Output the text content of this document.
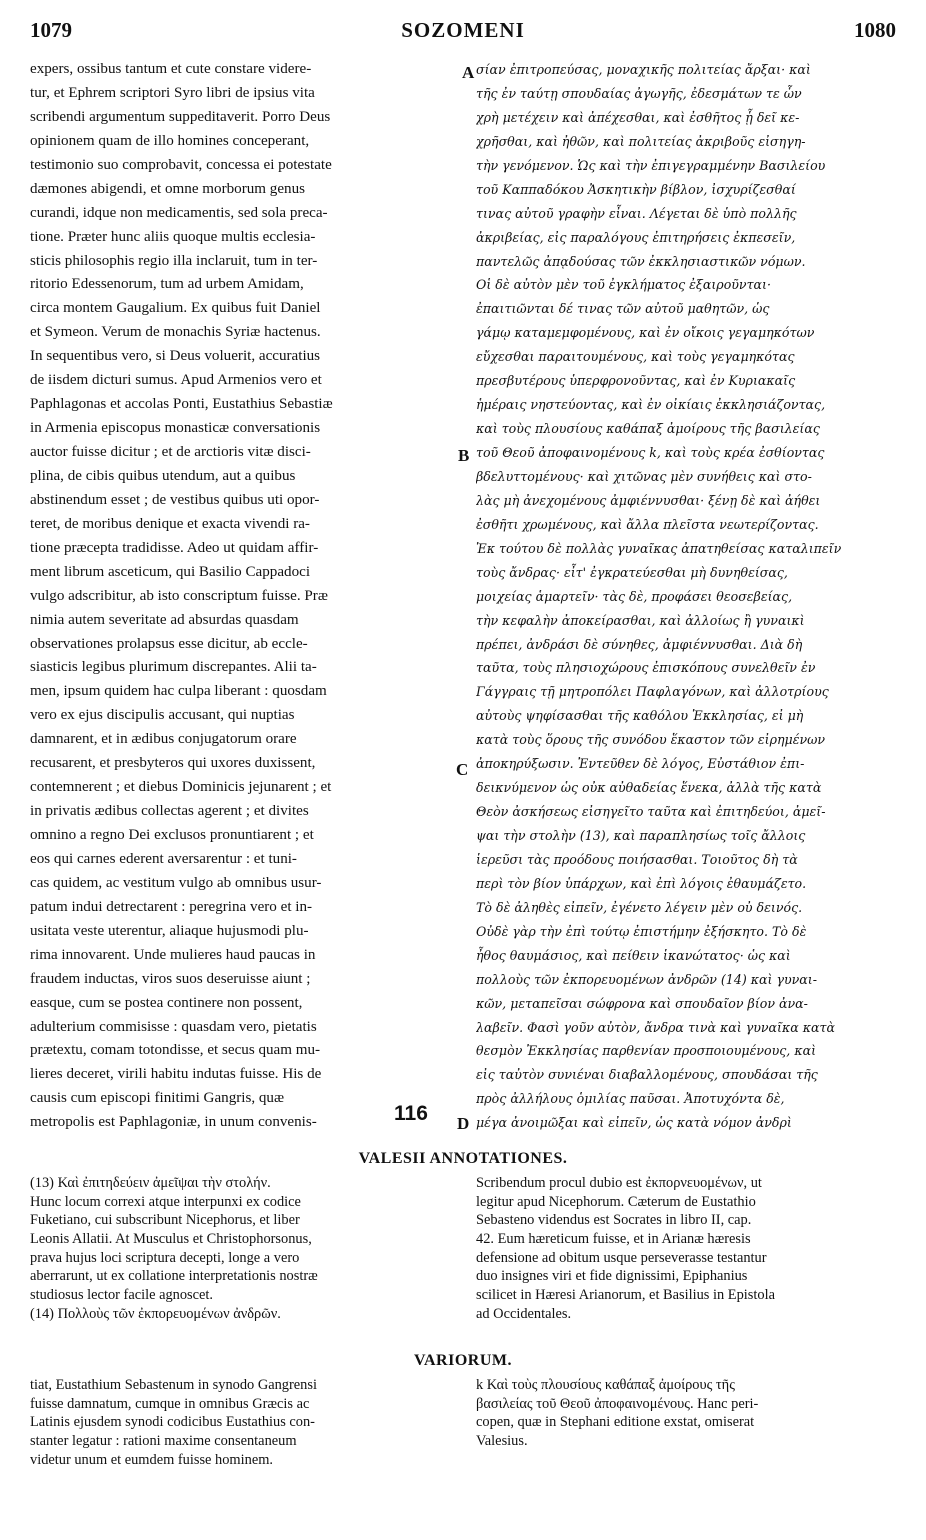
1079	SOZOMENI	1080
expers, ossibus tantum et cute constare videre-
tur, et Ephrem scriptori Syro libri de ipsius vita
scribendi argumentum suppeditaverit. Porro Deus
opinionem quam de illo homines conceperant,
testimonio suo comprobavit, concessa ei potestate
dæmones abigendi, et omne morborum genus
curandi, idque non medicamentis, sed sola preca-
tione. Præter hunc aliis quoque multis ecclesia-
sticis philosophis regio illa inclaruit, tum in ter-
ritorio Edessenorum, tum ad urbem Amidam,
circa montem Gaugalium. Ex quibus fuit Daniel
et Symeon. Verum de monachis Syriæ hactenus.
In sequentibus vero, si Deus voluerit, accuratius
de iisdem dicturi sumus. Apud Armenios vero et
Paphlagonas et accolas Ponti, Eustathius Sebastiæ
in Armenia episcopus monasticæ conversationis
auctor fuisse dicitur ; et de arctioris vitæ disci-
plina, de cibis quibus utendum, aut a quibus
abstinendum esset ; de vestibus quibus uti opor-
teret, de moribus denique et exacta vivendi ra-
tione præcepta tradidisse. Adeo ut quidam affir-
ment librum asceticum, qui Basilio Cappadoci
vulgo adscribitur, ab isto conscriptum fuisse. Præ
nimia autem severitate ad absurdas quasdam
observationes prolapsus esse dicitur, ab eccle-
siasticis legibus plurimum discrepantes. Alii ta-
men, ipsum quidem hac culpa liberant : quosdam
vero ex ejus discipulis accusant, qui nuptias
damnarent, et in ædibus conjugatorum orare
recusarent, et presbyteros qui uxores duxissent,
contemnerent ; et diebus Dominicis jejunarent ; et
in privatis ædibus collectas agerent ; et divites
omnino a regno Dei exclusos pronuntiarent ; et
eos qui carnes ederent aversarentur : et tuni-
cas quidem, ac vestitum vulgo ab omnibus usur-
patum indui detrectarent : peregrina vero et in-
usitata veste uterentur, aliaque hujusmodi plu-
rima innovarent. Unde mulieres haud paucas in
fraudem inductas, viros suos deseruisse aiunt ;
easque, cum se postea continere non possent,
adulterium commisisse : quasdam vero, pietatis
prætextu, comam totondisse, et secus quam mu-
lieres deceret, virili habitu indutas fuisse. His de
causis cum episcopi finitimi Gangris, quæ
metropolis est Paphlagoniæ, in unum convenis-
σίαν ἐπιτροπεύσας, μοναχικῆς πολιτείας ἄρξαι· καὶ
τῆς ἐν ταύτῃ σπουδαίας ἀγωγῆς, ἐδεσμάτων τε ὧν
χρὴ μετέχειν καὶ ἀπέχεσθαι, καὶ ἐσθῆτος ᾗ δεῖ κε-
χρῆσθαι, καὶ ἠθῶν, καὶ πολιτείας ἀκριβοῦς εἰσηγη-
τὴν γενόμενον. Ὡς καὶ τὴν ἐπιγεγραμμένην Βασιλείου
τοῦ Καππαδόκου Ἀσκητικὴν βίβλον, ἰσχυρίζεσθαί
τινας αὐτοῦ γραφὴν εἶναι. Λέγεται δὲ ὑπὸ πολλῆς
ἀκριβείας, εἰς παραλόγους ἐπιτηρήσεις ἐκπεσεῖν,
παντελῶς ἀπᾳδούσας τῶν ἐκκλησιαστικῶν νόμων.
Οἱ δὲ αὐτὸν μὲν τοῦ ἐγκλήματος ἐξαιροῦνται·
ἐπαιτιῶνται δέ τινας τῶν αὐτοῦ μαθητῶν, ὡς
γάμῳ καταμεμφομένους, καὶ ἐν οἴκοις γεγαμηκότων
εὔχεσθαι παραιτουμένους, καὶ τοὺς γεγαμηκότας
πρεσβυτέρους ὑπερφρονοῦντας, καὶ ἐν Κυριακαῖς
ἡμέραις νηστεύοντας, καὶ ἐν οἰκίαις ἐκκλησιάζοντας,
καὶ τοὺς πλουσίους καθάπαξ ἀμοίρους τῆς βασιλείας
τοῦ Θεοῦ ἀποφαινομένους k, καὶ τοὺς κρέα ἐσθίοντας
βδελυττομένους· καὶ χιτῶνας μὲν συνήθεις καὶ στο-
λὰς μὴ ἀνεχομένους ἀμφιέννυσθαι· ξένῃ δὲ καὶ ἀήθει
ἐσθῆτι χρωμένους, καὶ ἄλλα πλεῖστα νεωτερίζοντας.
Ἐκ τούτου δὲ πολλὰς γυναῖκας ἀπατηθείσας καταλιπεῖν
τοὺς ἄνδρας· εἶτ' ἐγκρατεύεσθαι μὴ δυνηθείσας,
μοιχείας ἁμαρτεῖν· τὰς δὲ, προφάσει θεοσεβείας,
τὴν κεφαλὴν ἀποκείρασθαι, καὶ ἀλλοίως ἢ γυναικὶ
πρέπει, ἀνδράσι δὲ σύνηθες, ἀμφιέννυσθαι. Διὰ δὴ
ταῦτα, τοὺς πλησιοχώρους ἐπισκόπους συνελθεῖν ἐν
Γάγγραις τῇ μητροπόλει Παφλαγόνων, καὶ ἀλλοτρίους
αὐτοὺς ψηφίσασθαι τῆς καθόλου Ἐκκλησίας, εἰ μὴ
κατὰ τοὺς ὅρους τῆς συνόδου ἕκαστον τῶν εἰρημένων
ἀποκηρύξωσιν. Ἐντεῦθεν δὲ λόγος, Εὐστάθιον ἐπι-
δεικνύμενον ὡς οὐκ αὐθαδείας ἕνεκα, ἀλλὰ τῆς κατὰ
Θεὸν ἀσκήσεως εἰσηγεῖτο ταῦτα καὶ ἐπιτηδεύοι, ἀμεῖ-
ψαι τὴν στολὴν (13), καὶ παραπλησίως τοῖς ἄλλοις
ἱερεῦσι τὰς προόδους ποιήσασθαι. Τοιοῦτος δὴ τὰ
περὶ τὸν βίον ὑπάρχων, καὶ ἐπὶ λόγοις ἐθαυμάζετο.
Τὸ δὲ ἀληθὲς εἰπεῖν, ἐγένετο λέγειν μὲν οὐ δεινός.
Οὐδὲ γὰρ τὴν ἐπὶ τούτῳ ἐπιστήμην ἐξήσκητο. Τὸ δὲ
ἦθος θαυμάσιος, καὶ πείθειν ἱκανώτατος· ὡς καὶ
πολλοὺς τῶν ἐκπορευομένων ἀνδρῶν (14) καὶ γυναι-
κῶν, μεταπεῖσαι σώφρονα καὶ σπουδαῖον βίον ἀνα-
λαβεῖν. Φασὶ γοῦν αὐτὸν, ἄνδρα τινὰ καὶ γυναῖκα κατὰ
θεσμὸν Ἐκκλησίας παρθενίαν προσποιουμένους, καὶ
εἰς ταὐτὸν συνιέναι διαβαλλομένους, σπουδάσαι τῆς
πρὸς ἀλλήλους ὁμιλίας παῦσαι. Ἀποτυχόντα δὲ,
μέγα ἀνοιμῶξαι καὶ εἰπεῖν, ὡς κατὰ νόμον ἀνδρὶ
A
B
C
D
116
VALESII ANNOTATIONES.
(13) Καὶ ἐπιτηδεύειν ἀμεῖψαι τὴν στολήν.
Hunc locum correxi atque interpunxi ex codice
Fuketiano, cui subscribunt Nicephorus, et liber
Leonis Allatii. At Musculus et Christophorsonus,
prava hujus loci scriptura decepti, longe a vero
aberrarunt, ut ex collatione interpretationis nostræ
studiosus lector facile agnoscet.
(14) Πολλοὺς τῶν ἐκπορευομένων ἀνδρῶν.
Scribendum procul dubio est ἐκπορνευομένων, ut
legitur apud Nicephorum. Cæterum de Eustathio
Sebasteno videndus est Socrates in libro II, cap.
42. Eum hæreticum fuisse, et in Arianæ hæresis
defensione ad obitum usque perseverasse testantur
duo insignes viri et fide dignissimi, Epiphanius
scilicet in Hæresi Arianorum, et Basilius in Epistola
ad Occidentales.
VARIORUM.
tiat, Eustathium Sebastenum in synodo Gangrensi
fuisse damnatum, cumque in omnibus Græcis ac
Latinis ejusdem synodi codicibus Eustathius con-
stanter legatur : rationi maxime consentaneum
videtur unum et eumdem fuisse hominem.
k Καὶ τοὺς πλουσίους καθάπαξ ἀμοίρους τῆς
βασιλείας τοῦ Θεοῦ ἀποφαινομένους. Hanc peri-
copen, quæ in Stephani editione exstat, omiserat
Valesius.
